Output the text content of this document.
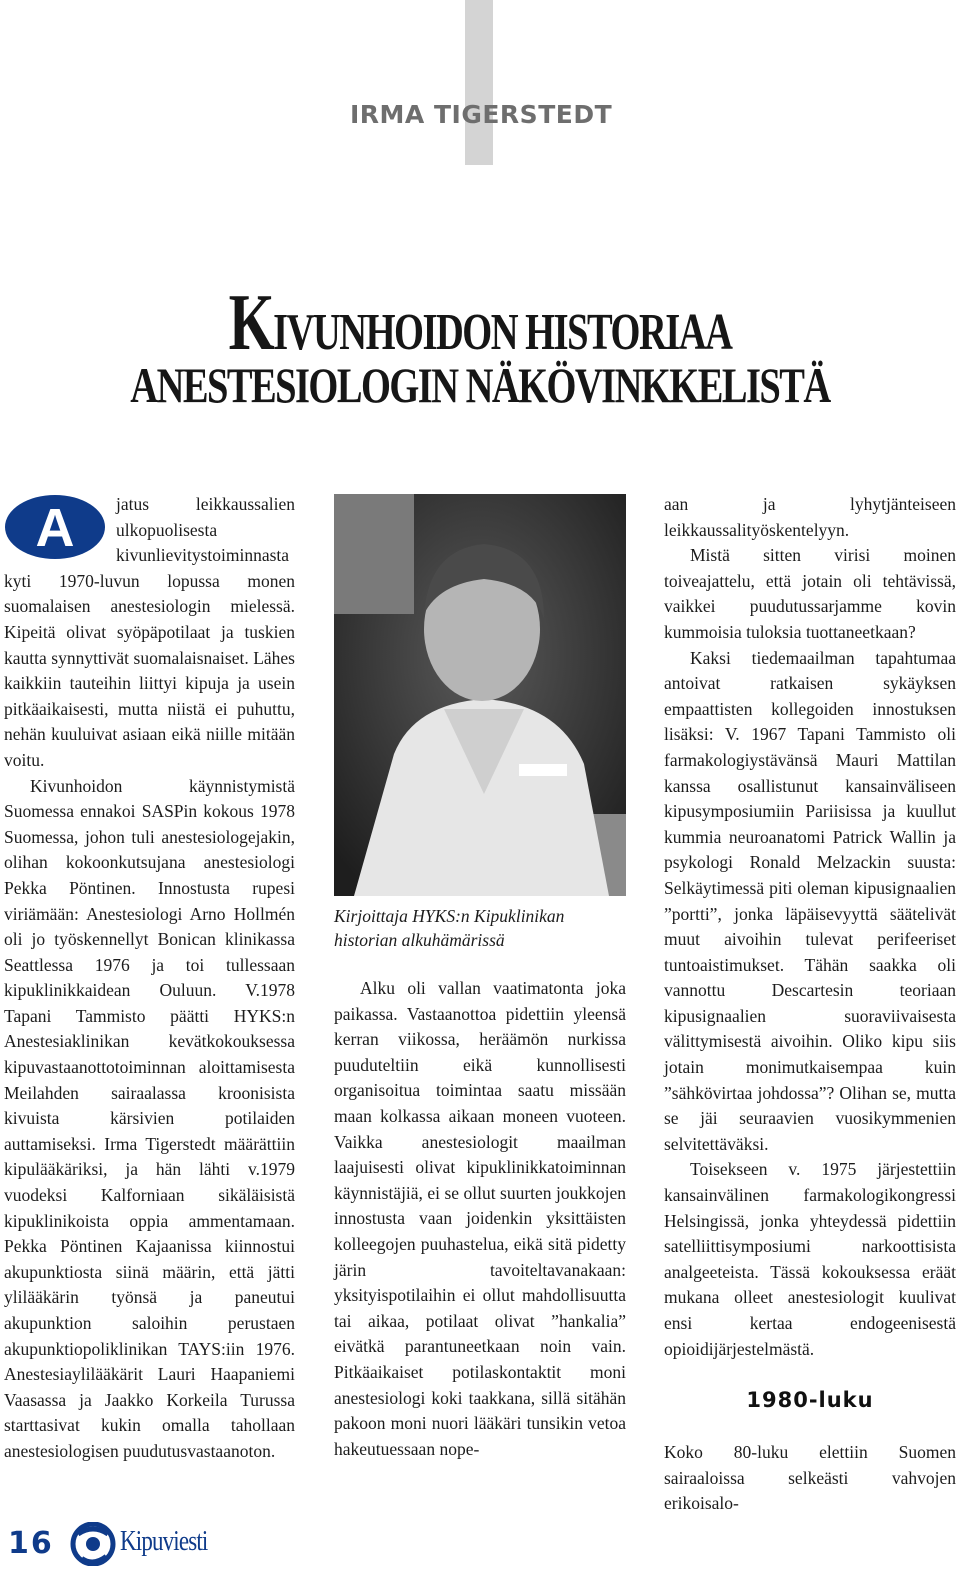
IRMA TIGERSTEDT
KIVUNHOIDON HISTORIAA
ANESTESIOLOGIN NÄKÖVINKKELISTÄ
A	jatus leikkaussalien ulkopuolisesta kivunlievitystoiminnasta kyti 1970-luvun lopussa monen suomalaisen anestesiologin mielessä. Kipeitä olivat syöpäpotilaat ja tuskien kautta synnyttivät suomalaisnaiset. Lähes kaikkiin tauteihin liittyi kipuja ja usein pitkäaikaisesti, mutta niistä ei puhuttu, nehän kuuluivat asiaan eikä niille mitään voitu.

Kivunhoidon käynnistymistä Suomessa ennakoi SASPin kokous 1978 Suomessa, johon tuli anestesiologejakin, olihan kokoonkutsujana anestesiologi Pekka Pöntinen. Innostusta rupesi viriämään: Anestesiologi Arno Hollmén oli jo työskennellyt Bonican klinikassa Seattlessa 1976 ja toi tullessaan kipuklinikkaidean Ouluun. V.1978 Tapani Tammisto päätti HYKS:n Anestesiaklinikan kevätkokouksessa kipuvastaanottotoiminnan aloittamisesta Meilahden sairaalassa kroonisista kivuista kärsivien potilaiden auttamiseksi. Irma Tigerstedt määrättiin kipulääkäriksi, ja hän lähti v.1979 vuodeksi Kalforniaan sikäläisistä kipuklinikoista oppia ammentamaan. Pekka Pöntinen Kajaanissa kiinnostui akupunktiosta siinä määrin, että jätti ylilääkärin työnsä ja paneutui akupunktion saloihin perustaen akupunktiopoliklinikan TAYS:iin 1976. Anestesiaylilääkärit Lauri Haapaniemi Vaasassa ja Jaakko Korkeila Turussa starttasivat kukin omalla tahollaan anestesiologisen puudutusvastaanoton.

Kirjoittaja HYKS:n Kipuklinikan historian alkuhämärissä

Alku oli vallan vaatimatonta joka paikassa. Vastaanottoa pidettiin yleensä kerran viikossa, heräämön nurkissa puuduteltiin eikä kunnollisesti organisoitua toimintaa saatu missään maan kolkassa aikaan moneen vuoteen. Vaikka anestesiologit maailman laajuisesti olivat kipuklinikkatoiminnan käynnistäjiä, ei se ollut suurten joukkojen innostusta vaan joidenkin yksittäisten kolleegojen puuhastelua, eikä sitä pidetty järin tavoiteltavanakaan: yksityispotilaihin ei ollut mahdollisuutta tai aikaa, potilaat olivat ”hankalia” eivätkä parantuneetkaan noin vain. Pitkäaikaiset potilaskontaktit moni anestesiologi koki taakkana, sillä sitähän pakoon moni nuori lääkäri tunsikin vetoa hakeutuessaan nope-

aan ja lyhytjänteiseen leikkaussalityöskentelyyn.

Mistä sitten virisi moinen toiveajattelu, että jotain oli tehtävissä, vaikkei puudutussarjamme kovin kummoisia tuloksia tuottaneetkaan?

Kaksi tiedemaailman tapahtumaa antoivat ratkaisen sykäyksen empaattisten kollegoiden innostuksen lisäksi: V. 1967 Tapani Tammisto oli farmakologiystävänsä Mauri Mattilan kanssa osallistunut kansainväliseen kipusymposiumiin Pariisissa ja kuullut kummia neuroanatomi Patrick Wallin ja psykologi Ronald Melzackin suusta: Selkäytimessä piti oleman kipusignaalien ”portti”, jonka läpäisevyyttä säätelivät muut aivoihin tulevat perifeeriset tuntoaistimukset. Tähän saakka oli vannottu Descartesin teoriaan kipusignaalien suoraviivaisesta välittymisestä aivoihin. Oliko kipu siis jotain monimutkaisempaa kuin ”sähkövirtaa johdossa”? Olihan se, mutta se jäi seuraavien vuosikymmenien selvitettäväksi.

Toisekseen v. 1975 järjestettiin kansainvälinen farmakologikongressi Helsingissä, jonka yhteydessä pidettiin satelliittisymposiumi narkoottisista analgeeteista. Tässä kokouksessa eräät mukana olleet anestesiologit kuulivat ensi kertaa endogeenisestä opioidijärjestelmästä.

1980-luku

Koko 80-luku elettiin Suomen sairaaloissa selkeästi vahvojen erikoisalo-

16 Kipuviesti
